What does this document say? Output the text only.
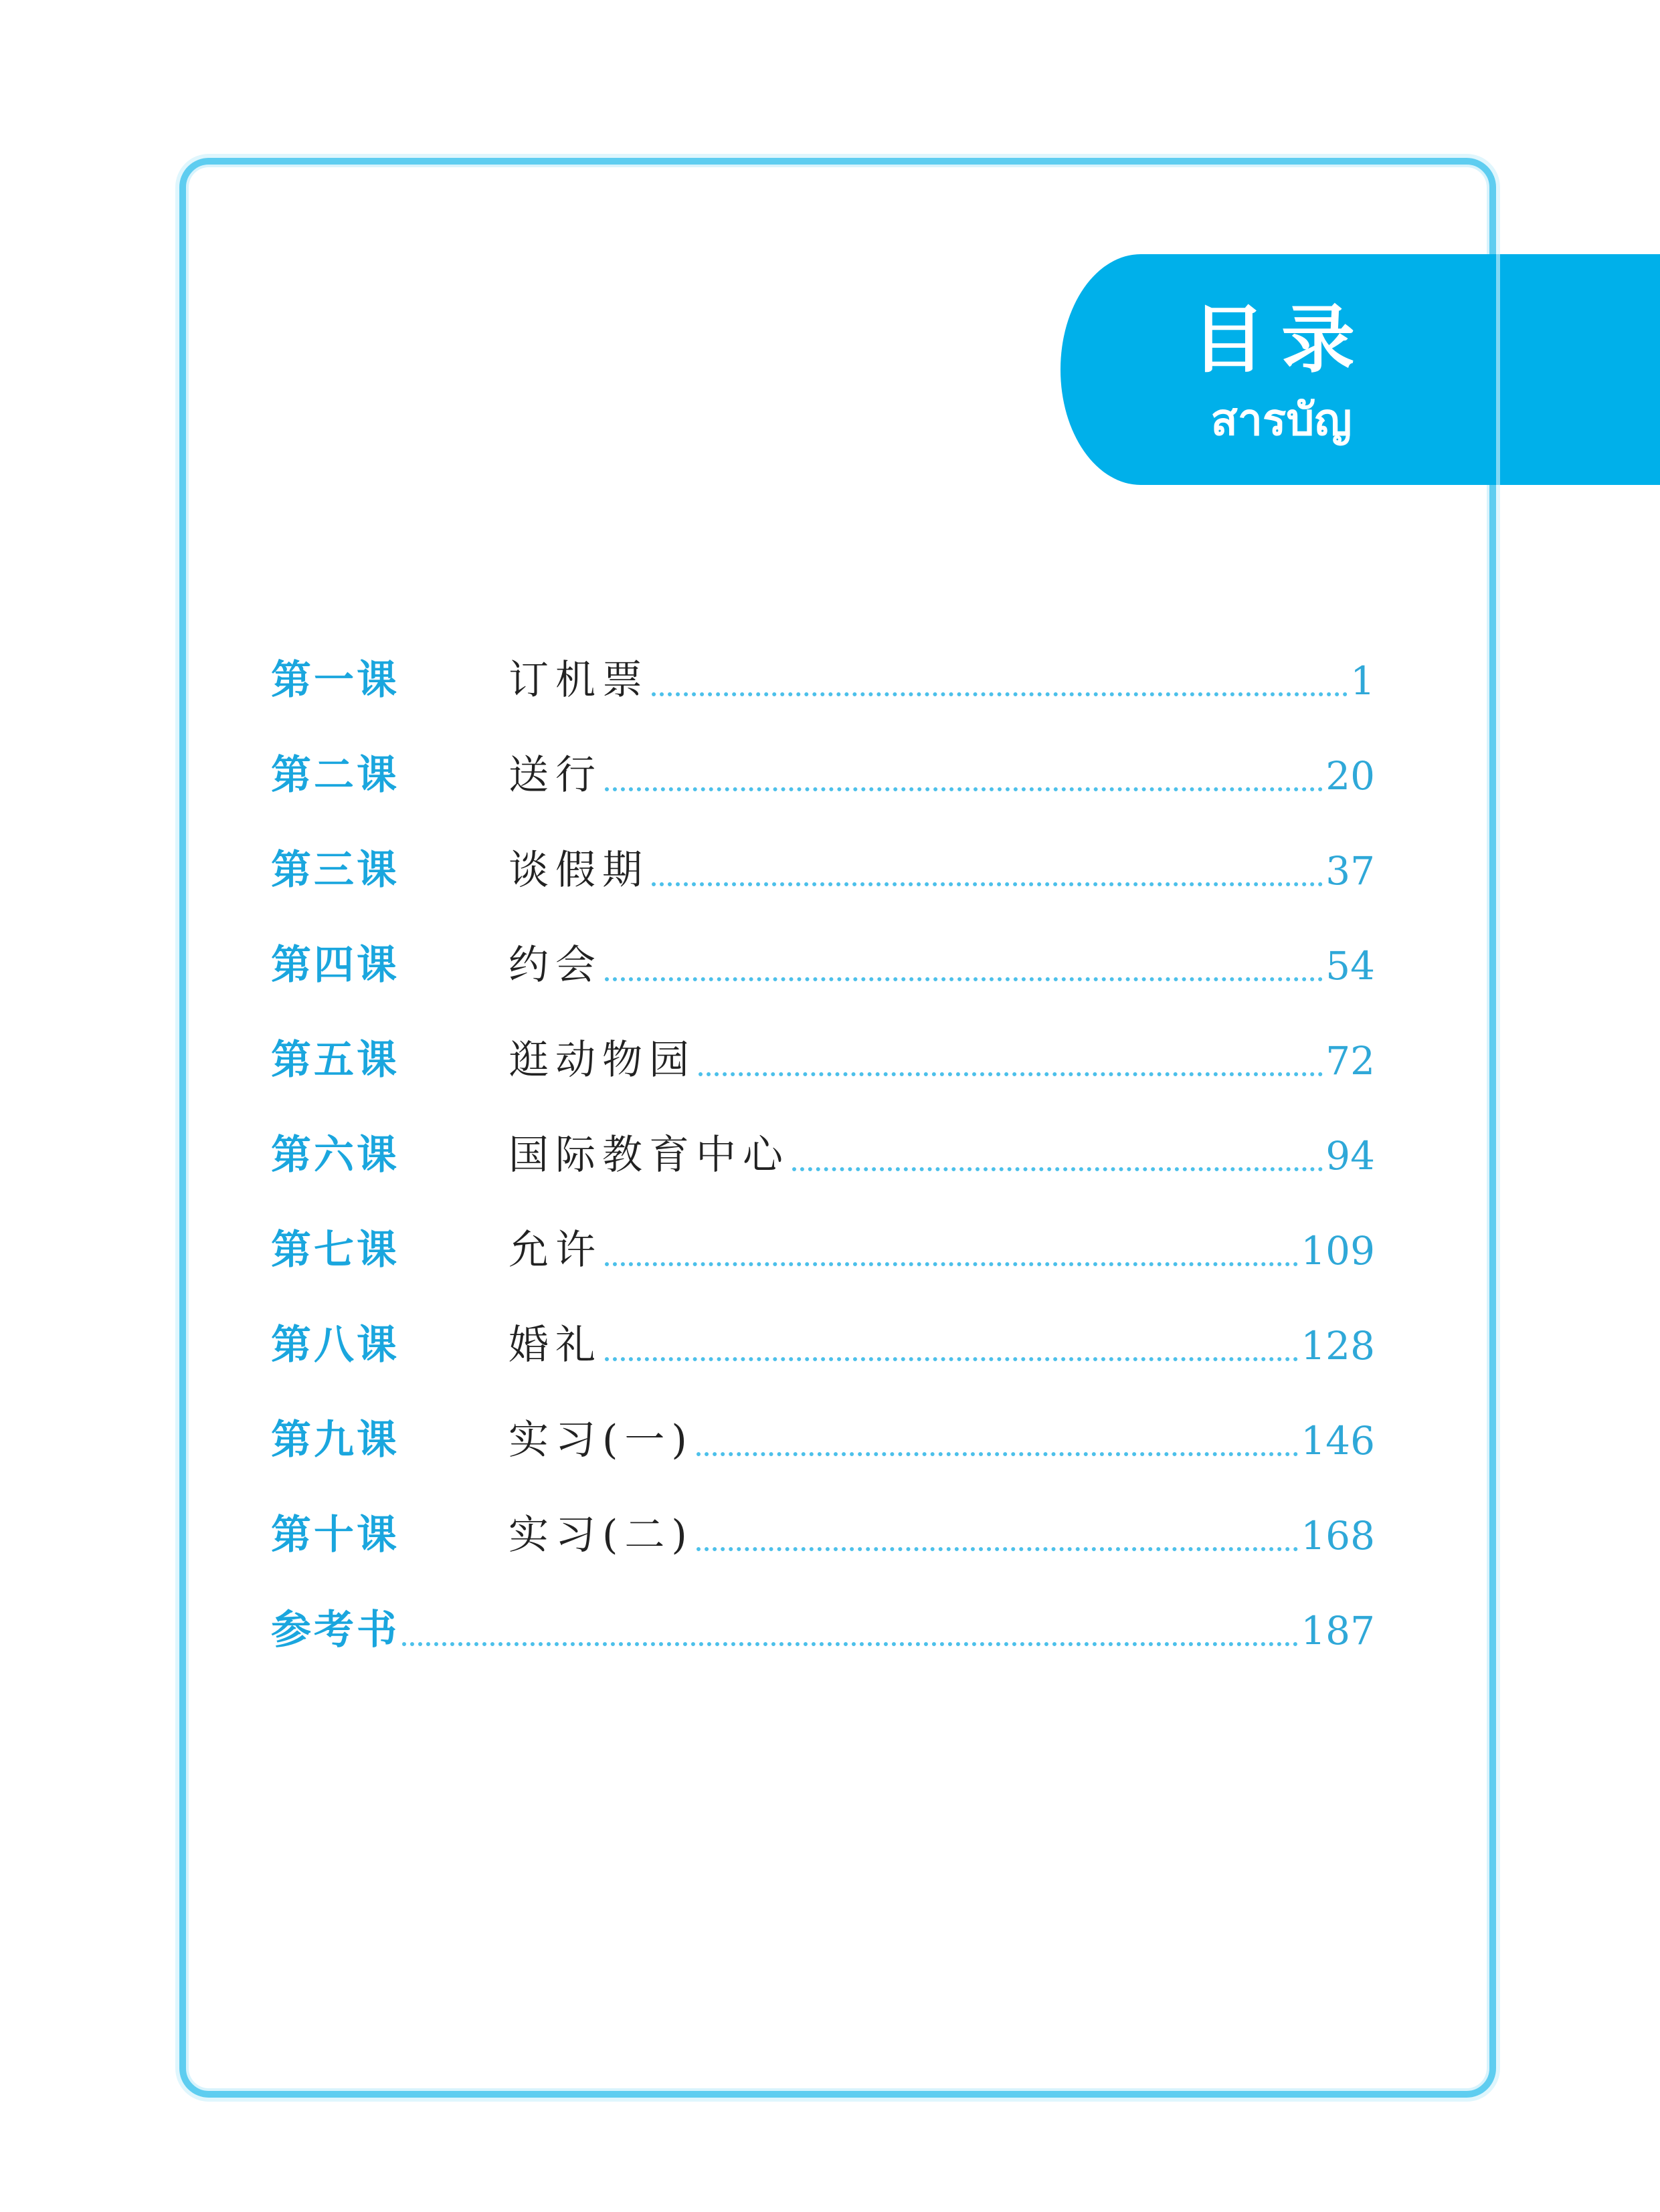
目录
สารบัญ
第一课	订机票	1
第二课	送行	20
第三课	谈假期	37
第四课	约会	54
第五课	逛动物园	72
第六课	国际教育中心	94
第七课	允许	109
第八课	婚礼	128
第九课	实习(一)	146
第十课	实习(二)	168
参考书	187
